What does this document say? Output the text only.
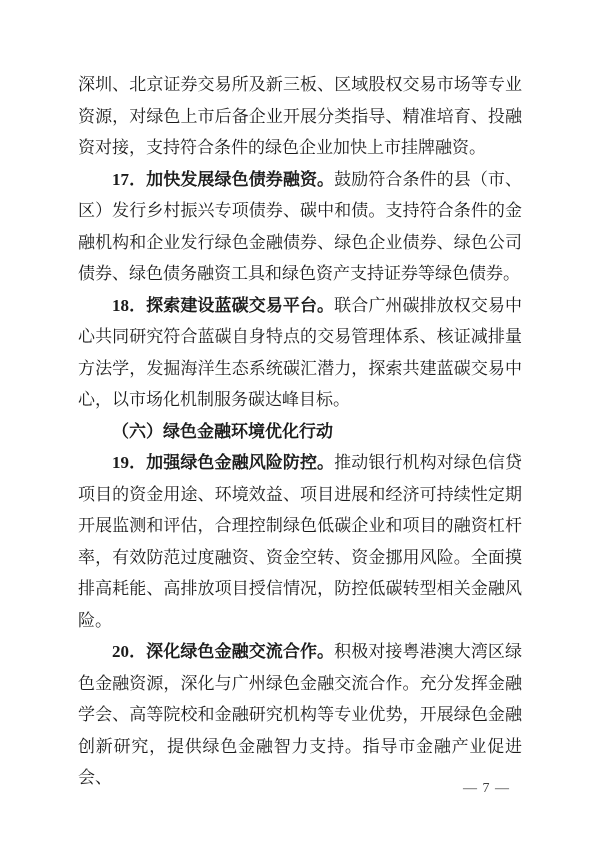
深圳、北京证券交易所及新三板、区域股权交易市场等专业资源，对绿色上市后备企业开展分类指导、精准培育、投融资对接，支持符合条件的绿色企业加快上市挂牌融资。

17．加快发展绿色债券融资。鼓励符合条件的县（市、区）发行乡村振兴专项债券、碳中和债。支持符合条件的金融机构和企业发行绿色金融债券、绿色企业债券、绿色公司债券、绿色债务融资工具和绿色资产支持证券等绿色债券。

18．探索建设蓝碳交易平台。联合广州碳排放权交易中心共同研究符合蓝碳自身特点的交易管理体系、核证减排量方法学，发掘海洋生态系统碳汇潜力，探索共建蓝碳交易中心，以市场化机制服务碳达峰目标。

（六）绿色金融环境优化行动

19．加强绿色金融风险防控。推动银行机构对绿色信贷项目的资金用途、环境效益、项目进展和经济可持续性定期开展监测和评估，合理控制绿色低碳企业和项目的融资杠杆率，有效防范过度融资、资金空转、资金挪用风险。全面摸排高耗能、高排放项目授信情况，防控低碳转型相关金融风险。

20．深化绿色金融交流合作。积极对接粤港澳大湾区绿色金融资源，深化与广州绿色金融交流合作。充分发挥金融学会、高等院校和金融研究机构等专业优势，开展绿色金融创新研究，提供绿色金融智力支持。指导市金融产业促进会、

— 7 —
